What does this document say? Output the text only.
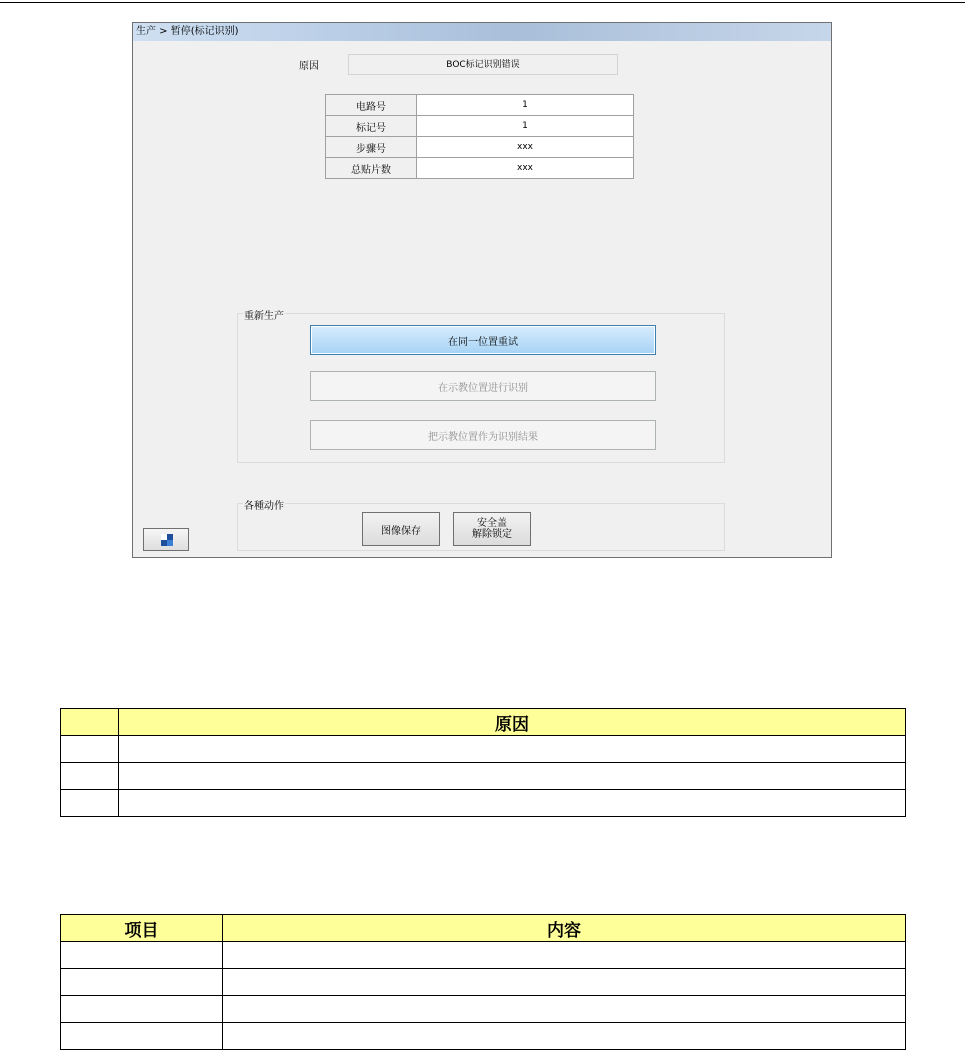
生产 > 暂停(标记识别)
原因	BOC标记识别错误
电路号	1
标记号	1
步骤号	xxx
总贴片数	xxx
重新生产
在同一位置重试
在示教位置进行识别
把示教位置作为识别结果
各種动作
图像保存
安全盖
解除锁定
	原因

项目	内容
